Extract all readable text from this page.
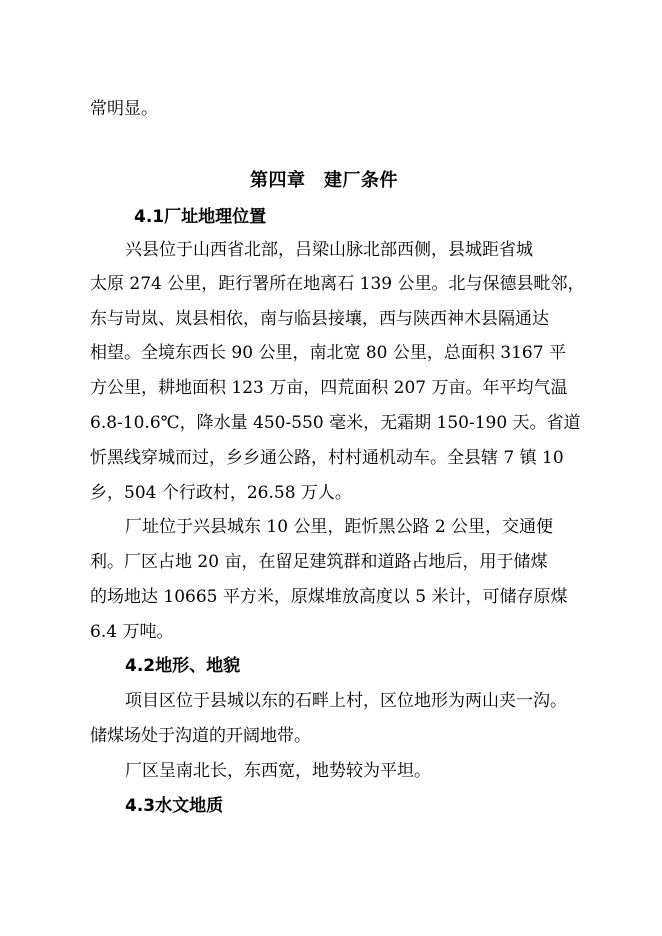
常明显。
第四章　建厂条件
4.1厂址地理位置
兴县位于山西省北部，吕梁山脉北部西侧，县城距省城
太原 274 公里，距行署所在地离石 139 公里。北与保德县毗邻，
东与岢岚、岚县相依，南与临县接壤，西与陕西神木县隔通达
相望。全境东西长 90 公里，南北宽 80 公里，总面积 3167 平
方公里，耕地面积 123 万亩，四荒面积 207 万亩。年平均气温
6.8-10.6℃，降水量 450-550 毫米，无霜期 150-190 天。省道
忻黑线穿城而过，乡乡通公路，村村通机动车。全县辖 7 镇 10
乡，504 个行政村，26.58 万人。
厂址位于兴县城东 10 公里，距忻黑公路 2 公里，交通便
利。厂区占地 20 亩，在留足建筑群和道路占地后，用于储煤
的场地达 10665 平方米，原煤堆放高度以 5 米计，可储存原煤
6.4 万吨。
4.2地形、地貌
项目区位于县城以东的石畔上村，区位地形为两山夹一沟。
储煤场处于沟道的开阔地带。
厂区呈南北长，东西宽，地势较为平坦。
4.3水文地质
